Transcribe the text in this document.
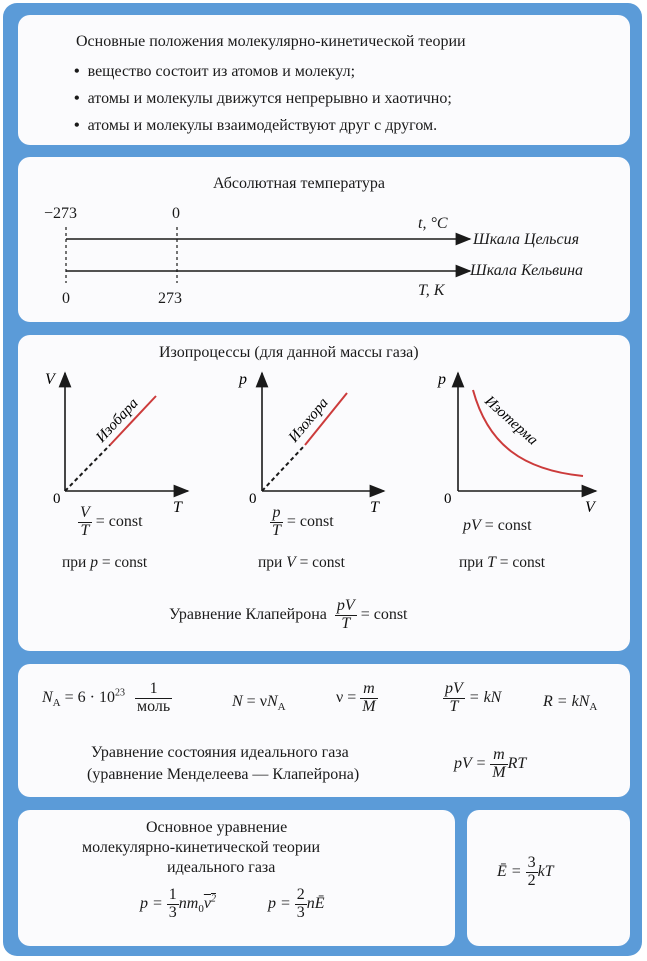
Основные положения молекулярно-кинетической теории
• вещество состоит из атомов и молекул;
• атомы и молекулы движутся непрерывно и хаотично;
• атомы и молекулы взаимодействуют друг с другом.
Абсолютная температура
−273	0
0	273
t, °C
T, К
Шкала Цельсия
Шкала Кельвина
Изопроцессы (для данной массы газа)
V
T
0
Изобара
p
T
0
Изохора
p
V
0
Изотерма
$\frac{V}{T}$ = const	$\frac{p}{T}$ = const	pV = const
при p = const	при V = const	при T = const
Уравнение Клапейрона $\frac{pV}{T}$ = const
$N_A = 6 \cdot 10^{23} \frac{1}{\text{моль}}$	$N = \nu N_A$
$\nu = \frac{m}{M}$	$\frac{pV}{T}$ = kN	$R = kN_A$
Уравнение состояния идеального газа
(уравнение Менделеева — Клапейрона)
pV = $\frac{m}{M}$ RT
Основное уравнение
молекулярно-кинетической теории
идеального газа
$p = \frac{1}{3} nm_0v^2$	$p = \frac{2}{3}$ nĒ
Ē = $\frac{3}{2}$ kT
